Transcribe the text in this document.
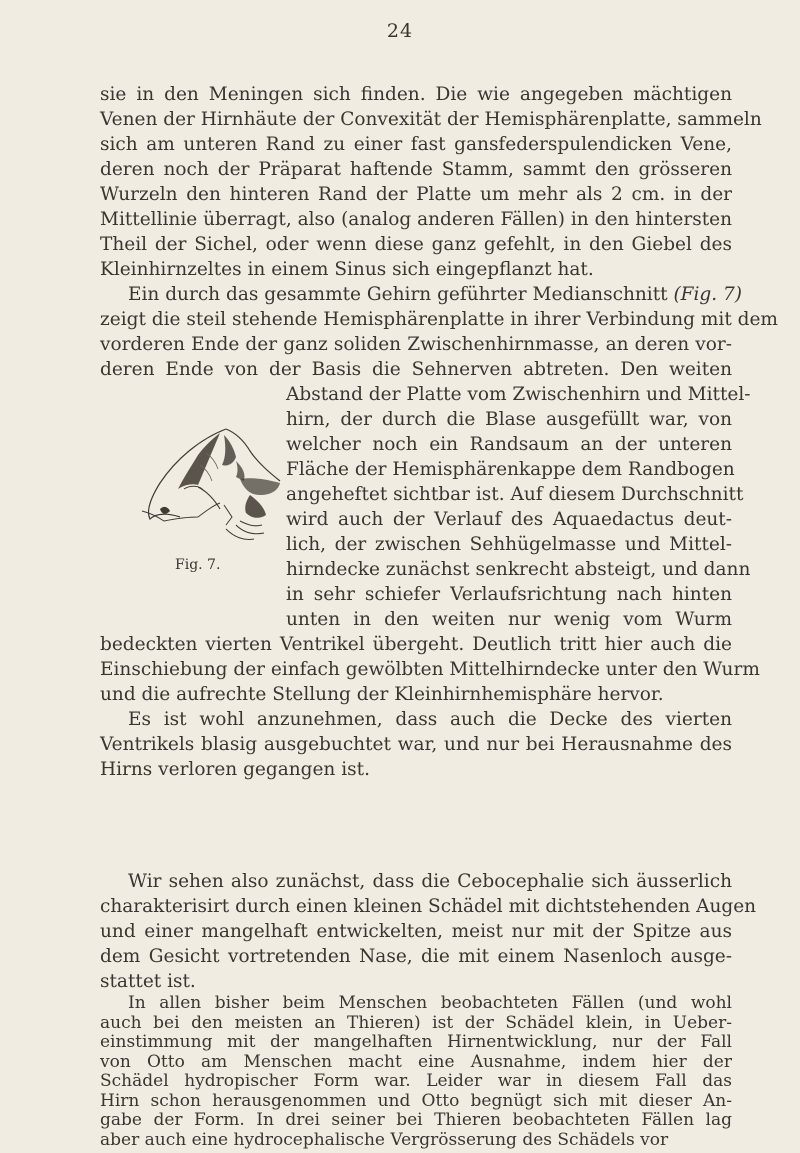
24
sie in den Meningen sich finden. Die wie angegeben mächtigen
Venen der Hirnhäute der Convexität der Hemisphärenplatte, sammeln
sich am unteren Rand zu einer fast gansfederspulendicken Vene,
deren noch der Präparat haftende Stamm, sammt den grösseren
Wurzeln den hinteren Rand der Platte um mehr als 2 cm. in der
Mittellinie überragt, also (analog anderen Fällen) in den hintersten
Theil der Sichel, oder wenn diese ganz gefehlt, in den Giebel des
Kleinhirnzeltes in einem Sinus sich eingepflanzt hat.
Ein durch das gesammte Gehirn geführter Medianschnitt (Fig. 7)
zeigt die steil stehende Hemisphärenplatte in ihrer Verbindung mit dem
vorderen Ende der ganz soliden Zwischenhirnmasse, an deren vor-
deren Ende von der Basis die Sehnerven abtreten. Den weiten
Abstand der Platte vom Zwischenhirn und Mittel-
hirn, der durch die Blase ausgefüllt war, von
welcher noch ein Randsaum an der unteren
Fläche der Hemisphärenkappe dem Randbogen
angeheftet sichtbar ist. Auf diesem Durchschnitt
wird auch der Verlauf des Aquaedactus deut-
lich, der zwischen Sehhügelmasse und Mittel-
hirndecke zunächst senkrecht absteigt, und dann
in sehr schiefer Verlaufsrichtung nach hinten
unten in den weiten nur wenig vom Wurm
bedeckten vierten Ventrikel übergeht. Deutlich tritt hier auch die
Einschiebung der einfach gewölbten Mittelhirndecke unter den Wurm
und die aufrechte Stellung der Kleinhirnhemisphäre hervor.
Es ist wohl anzunehmen, dass auch die Decke des vierten
Ventrikels blasig ausgebuchtet war, und nur bei Herausnahme des
Hirns verloren gegangen ist.
Fig. 7.
Wir sehen also zunächst, dass die Cebocephalie sich äusserlich
charakterisirt durch einen kleinen Schädel mit dichtstehenden Augen
und einer mangelhaft entwickelten, meist nur mit der Spitze aus
dem Gesicht vortretenden Nase, die mit einem Nasenloch ausge-
stattet ist.
In allen bisher beim Menschen beobachteten Fällen (und wohl
auch bei den meisten an Thieren) ist der Schädel klein, in Ueber-
einstimmung mit der mangelhaften Hirnentwicklung, nur der Fall
von Otto am Menschen macht eine Ausnahme, indem hier der
Schädel hydropischer Form war. Leider war in diesem Fall das
Hirn schon herausgenommen und Otto begnügt sich mit dieser An-
gabe der Form. In drei seiner bei Thieren beobachteten Fällen lag
aber auch eine hydrocephalische Vergrösserung des Schädels vor
